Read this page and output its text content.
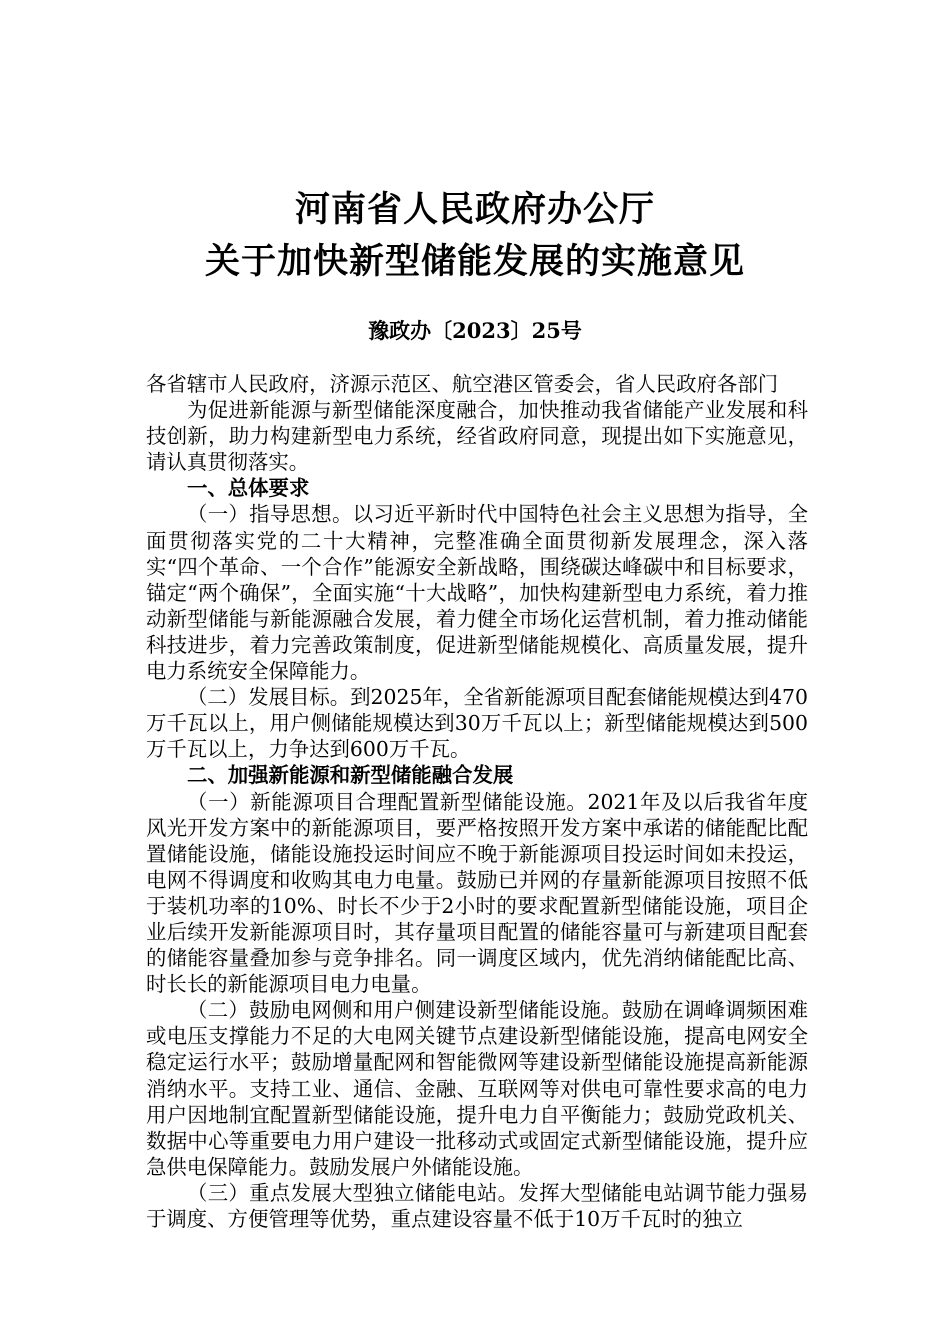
河南省人民政府办公厅
关于加快新型储能发展的实施意见
豫政办〔2023〕25号

各省辖市人民政府，济源示范区、航空港区管委会，省人民政府各部门

为促进新能源与新型储能深度融合，加快推动我省储能产业发展和科技创新，助力构建新型电力系统，经省政府同意，现提出如下实施意见，请认真贯彻落实。

一、总体要求

（一）指导思想。以习近平新时代中国特色社会主义思想为指导，全面贯彻落实党的二十大精神，完整准确全面贯彻新发展理念，深入落实“四个革命、一个合作”能源安全新战略，围绕碳达峰碳中和目标要求，锚定“两个确保”，全面实施“十大战略”，加快构建新型电力系统，着力推动新型储能与新能源融合发展，着力健全市场化运营机制，着力推动储能科技进步，着力完善政策制度，促进新型储能规模化、高质量发展，提升电力系统安全保障能力。

（二）发展目标。到2025年，全省新能源项目配套储能规模达到470万千瓦以上，用户侧储能规模达到30万千瓦以上；新型储能规模达到500万千瓦以上，力争达到600万千瓦。

二、加强新能源和新型储能融合发展

（一）新能源项目合理配置新型储能设施。2021年及以后我省年度风光开发方案中的新能源项目，要严格按照开发方案中承诺的储能配比配置储能设施，储能设施投运时间应不晚于新能源项目投运时间如未投运，电网不得调度和收购其电力电量。鼓励已并网的存量新能源项目按照不低于装机功率的10%、时长不少于2小时的要求配置新型储能设施，项目企业后续开发新能源项目时，其存量项目配置的储能容量可与新建项目配套的储能容量叠加参与竞争排名。同一调度区域内，优先消纳储能配比高、时长长的新能源项目电力电量。

（二）鼓励电网侧和用户侧建设新型储能设施。鼓励在调峰调频困难或电压支撑能力不足的大电网关键节点建设新型储能设施，提高电网安全稳定运行水平；鼓励增量配网和智能微网等建设新型储能设施提高新能源消纳水平。支持工业、通信、金融、互联网等对供电可靠性要求高的电力用户因地制宜配置新型储能设施，提升电力自平衡能力；鼓励党政机关、数据中心等重要电力用户建设一批移动式或固定式新型储能设施，提升应急供电保障能力。鼓励发展户外储能设施。

（三）重点发展大型独立储能电站。发挥大型储能电站调节能力强易于调度、方便管理等优势，重点建设容量不低于10万千瓦时的独立
